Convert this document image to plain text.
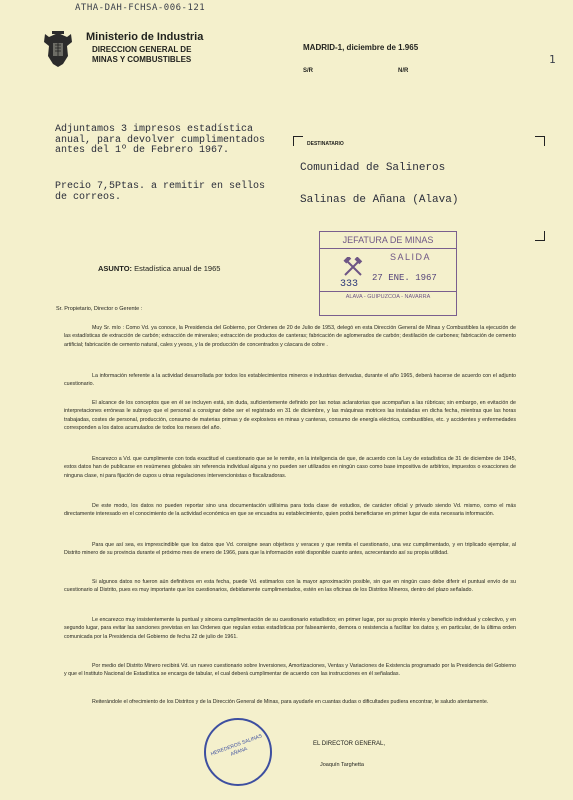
ATHA-DAH-FCHSA-006-121
1
Ministerio de Industria
DIRECCION GENERAL DE
MINAS Y COMBUSTIBLES
MADRID-1, diciembre de 1.965
S/R	N/R
Adjuntamos 3 impresos estadística
anual, para devolver cumplimentados
antes del 1º de Febrero 1967.
Precio 7,5Ptas. a remitir en sellos
de correos.
DESTINATARIO
Comunidad de Salineros
Salinas de Añana (Alava)
JEFATURA DE MINAS
SALIDA
333
27 ENE. 1967
ALAVA - GUIPUZCOA - NAVARRA
ASUNTO: Estadística anual de 1965
Sr. Propietario, Director o Gerente :
Muy Sr. mío : Como Vd. ya conoce, la Presidencia del Gobierno, por Ordenes de 20 de Julio de 1953, delegó en esta Dirección General de Minas y Combustibles la ejecución de las estadísticas de extracción de carbón; extracción de minerales; extracción de productos de canteras; fabricación de aglomerados de carbón; destilación de carbones; fabricación de cemento artificial; fabricación de cemento natural, cales y yesos, y la de producción de concentrados y cáscara de cobre .
La información referente a la actividad desarrollada por todos los establecimientos mineros e industrias derivadas, durante el año 1965, deberá hacerse de acuerdo con el adjunto cuestionario.
El alcance de los conceptos que en él se incluyen está, sin duda, suficientemente definido por las notas aclaratorias que acompañan a las rúbricas; sin embargo, en evitación de interpretaciones erróneas le subrayo que el personal a consignar debe ser el registrado en 31 de diciembre, y las máquinas motrices las instaladas en dicha fecha, mientras que las horas trabajadas, costes de personal, producción, consumo de materias primas y de explosivos en minas y canteras, consumo de energía eléctrica, combustibles, etc. y accidentes y enfermedades corresponden a los datos acumulados de todos los meses del año.
Encarezco a Vd. que cumplimente con toda exactitud el cuestionario que se le remite, en la inteligencia de que, de acuerdo con la Ley de estadística de 31 de diciembre de 1945, estos datos han de publicarse en resúmenes globales sin referencia individual alguna y no pueden ser utilizados en ningún caso como base impositiva de arbitrios, impuestos o exacciones de ninguna clase, ni para fijación de cupos u otras regulaciones intervencionistas o fiscalizadoras.
De este modo, los datos no pueden reportar sino una documentación utilísima para toda clase de estudios, de carácter oficial y privado siendo Vd. mismo, como el más directamente interesado en el conocimiento de la actividad económica en que se encuadra su establecimiento, quien podrá beneficiarse en primer lugar de esta necesaria información.
Para que así sea, es imprescindible que los datos que Vd. consigne sean objetivos y veraces y que remita el cuestionario, una vez cumplimentado, y en triplicado ejemplar, al Distrito minero de su provincia durante el próximo mes de enero de 1966, para que la información esté disponible cuanto antes, acrecentando así su propia utilidad.
Si algunos datos no fueron aún definitivos en esta fecha, puede Vd. estimarlos con la mayor aproximación posible, sin que en ningún caso debe diferir el puntual envío de su cuestionario al Distrito, pues es muy importante que los cuestionarios, debidamente cumplimentados, estén en las oficinas de los Distritos Mineros, dentro del plazo señalado.
Le encarezco muy insistentemente la puntual y sincera cumplimentación de su cuestionario estadístico; en primer lugar, por su propio interés y beneficio individual y colectivo, y en segundo lugar, para evitar las sanciones previstas en las Ordenes que regulan estas estadísticas por falseamiento, demora o resistencia a facilitar los datos y, en particular, de la última orden comunicada por la Presidencia del Gobierno de fecha 22 de julio de 1961.
Por medio del Distrito Minero recibirá Vd. un nuevo cuestionario sobre Inversiones, Amortizaciones, Ventas y Variaciones de Existencia programado por la Presidencia del Gobierno y que el Instituto Nacional de Estadística se encarga de tabular, el cual deberá cumplimentar de acuerdo con las instrucciones en él señaladas.
Reiterándole el ofrecimiento de los Distritos y de la Dirección General de Minas, para ayudarle en cuantas dudas o dificultades pudiera encontrar, le saludo atentamente.
HEREDEROS SALINAS AÑANA
EL DIRECTOR GENERAL,
Joaquín Targhetta
